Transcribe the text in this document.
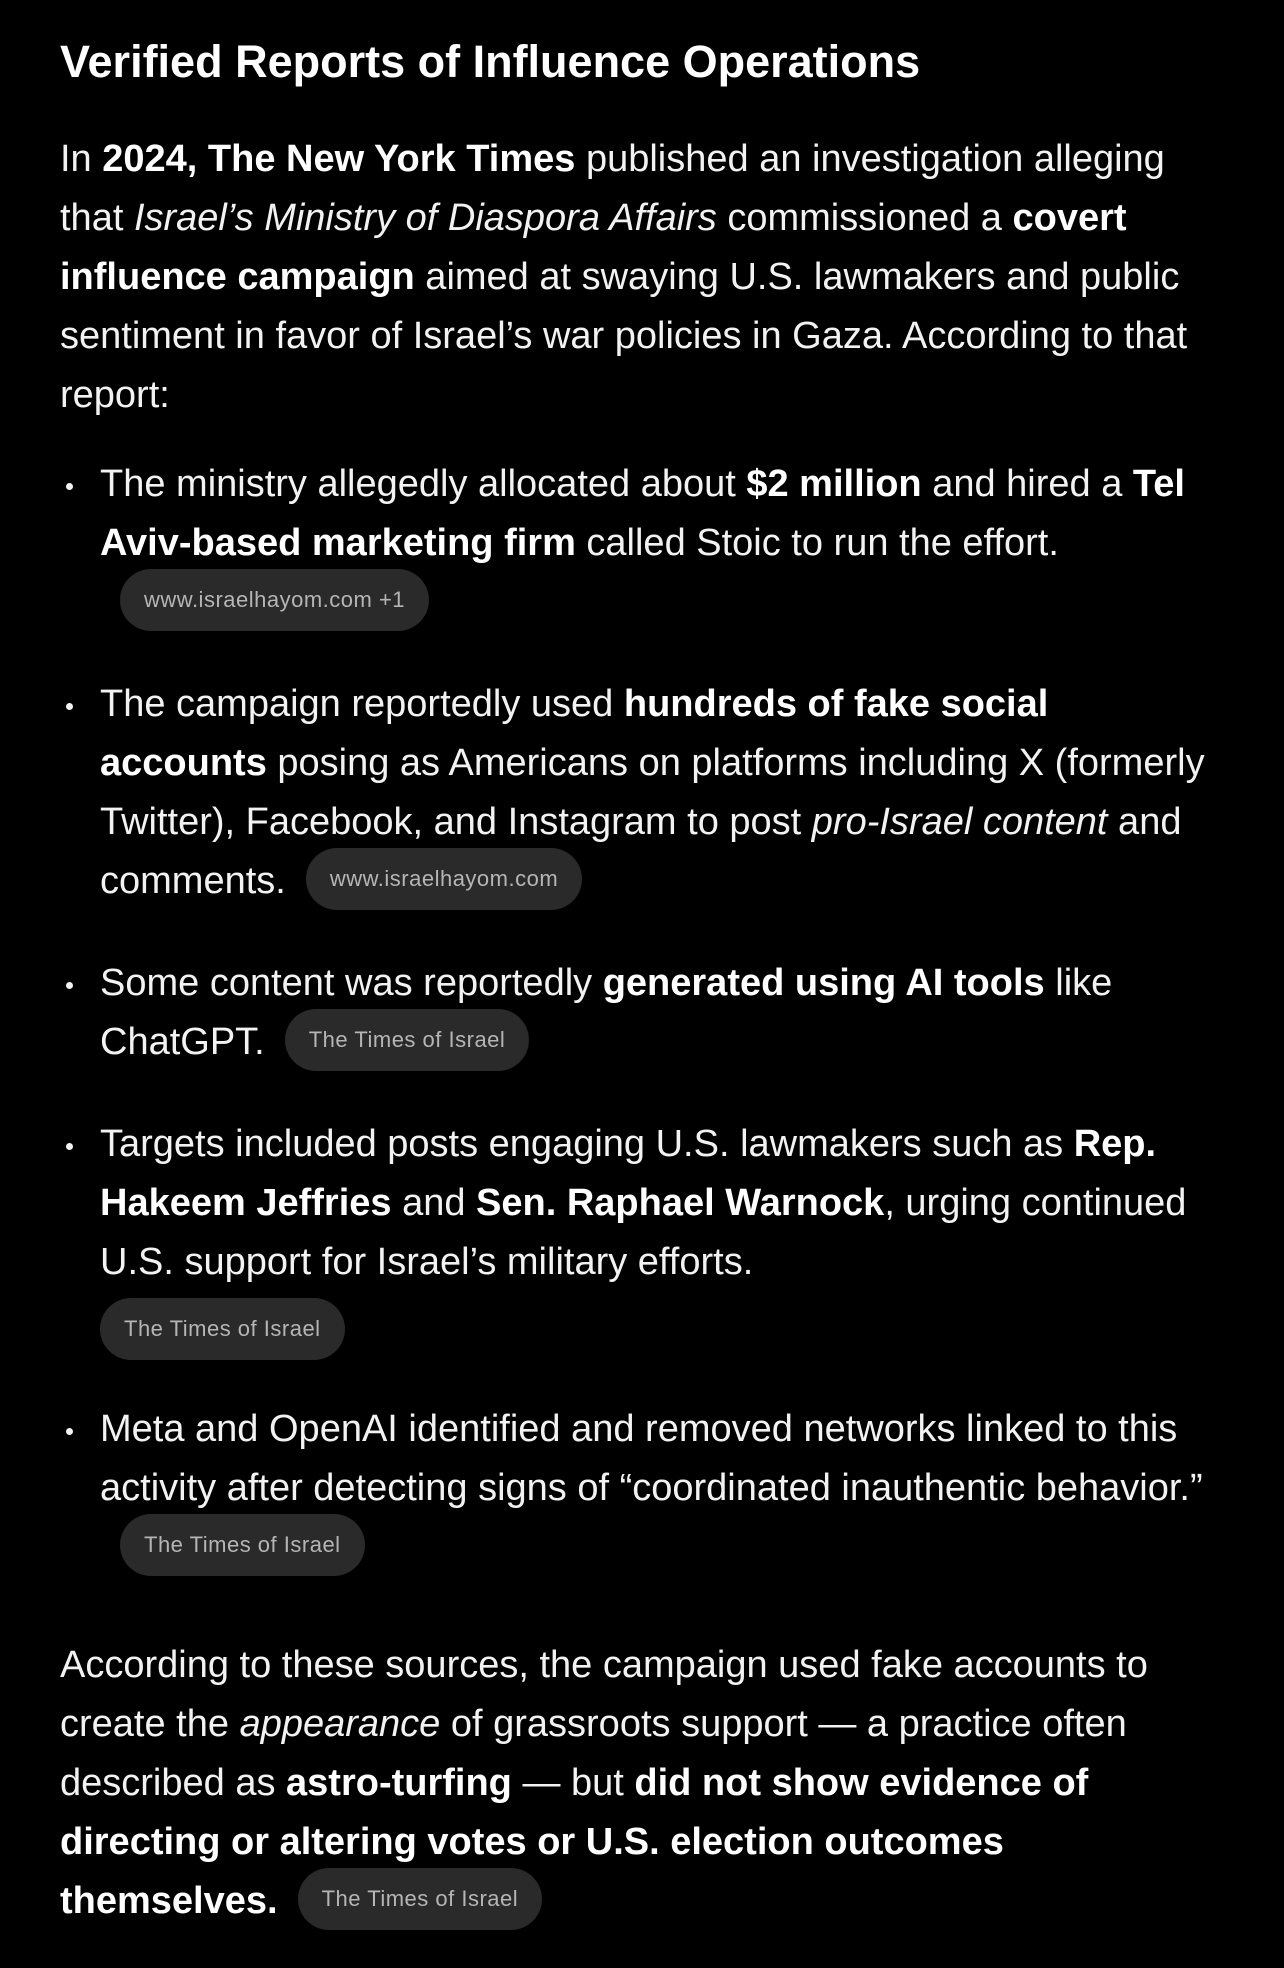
Verified Reports of Influence Operations

In 2024, The New York Times published an investigation alleging that Israel’s Ministry of Diaspora Affairs commissioned a covert influence campaign aimed at swaying U.S. lawmakers and public sentiment in favor of Israel’s war policies in Gaza. According to that report:

The ministry allegedly allocated about $2 million and hired a Tel Aviv-based marketing firm called Stoic to run the effort.www.israelhayom.com +1
The campaign reportedly used hundreds of fake social accounts posing as Americans on platforms including X (formerly Twitter), Facebook, and Instagram to post pro-Israel content and comments. www.israelhayom.com
Some content was reportedly generated using AI tools like ChatGPT. The Times of Israel
Targets included posts engaging U.S. lawmakers such as Rep. Hakeem Jeffries and Sen. Raphael Warnock, urging continued U.S. support for Israel’s military efforts.
The Times of Israel
Meta and OpenAI identified and removed networks linked to this activity after detecting signs of “coordinated inauthentic behavior.”The Times of Israel

According to these sources, the campaign used fake accounts to create the appearance of grassroots support — a practice often described as astro-turfing — but did not show evidence of directing or altering votes or U.S. election outcomes themselves. The Times of Israel
